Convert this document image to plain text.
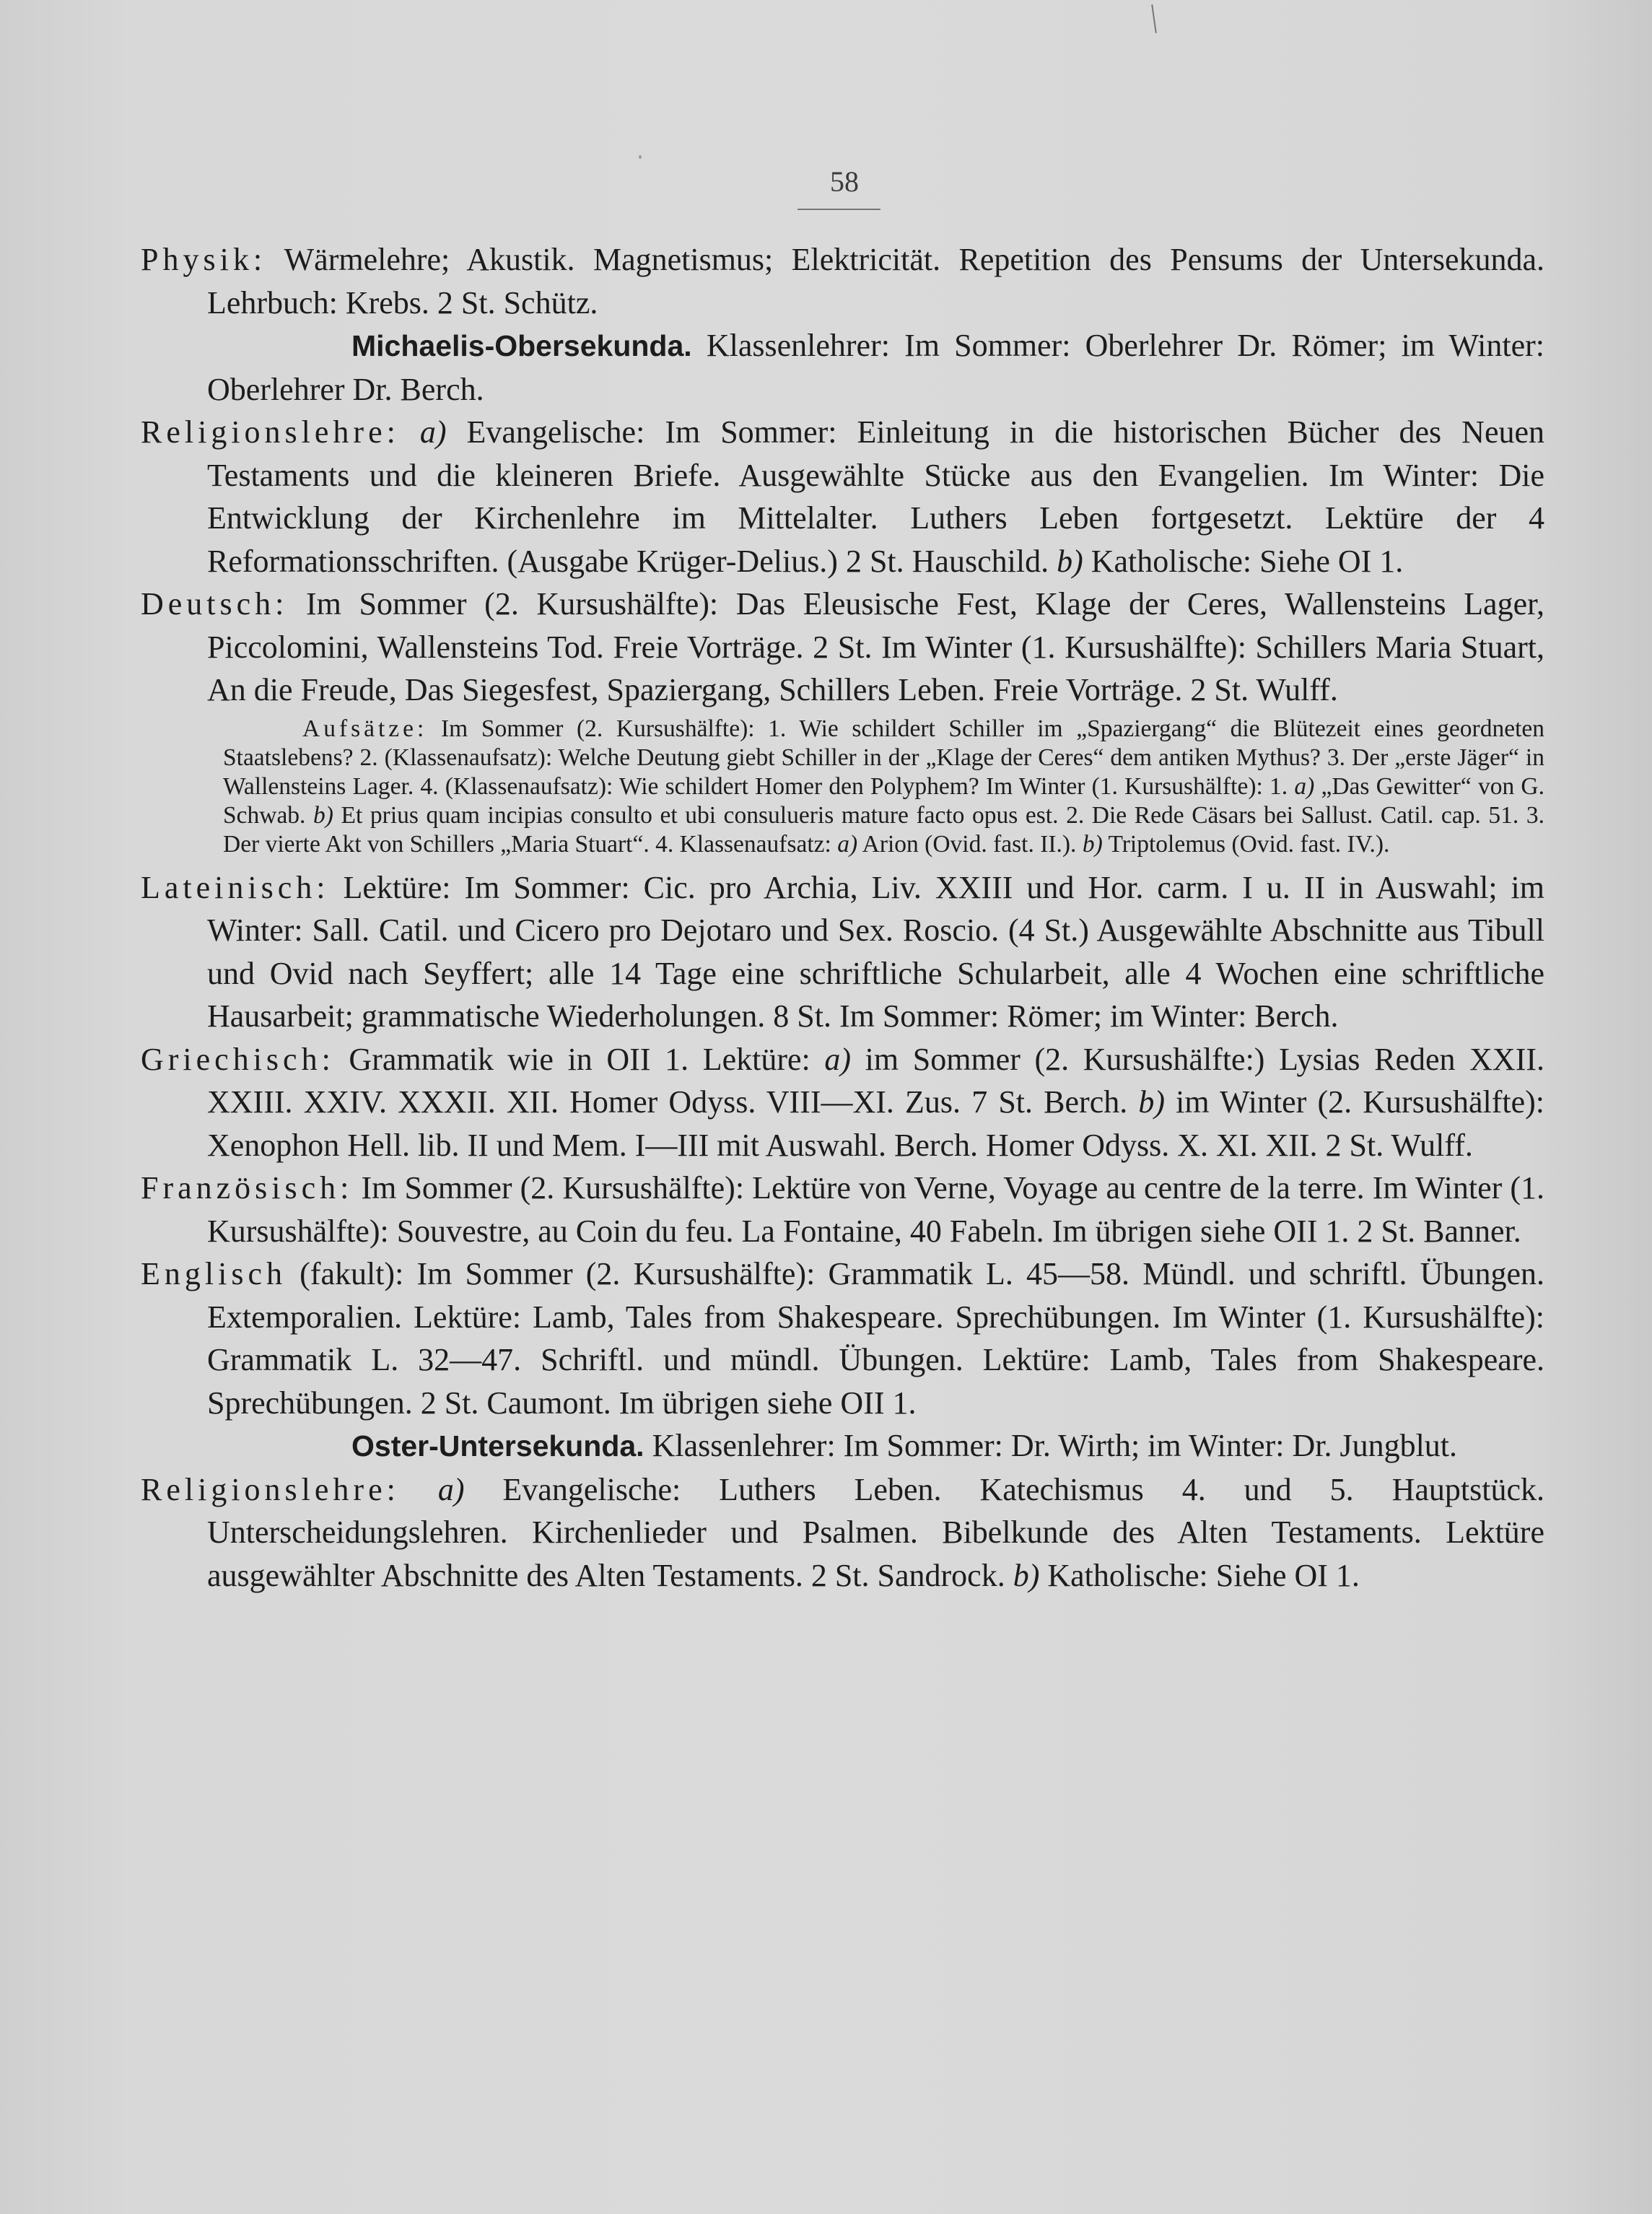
58

Physik: Wärmelehre; Akustik. Magnetismus; Elektricität. Repetition des Pensums der Untersekunda. Lehrbuch: Krebs. 2 St. Schütz.

Michaelis-Obersekunda. Klassenlehrer: Im Sommer: Oberlehrer Dr. Römer; im Winter: Oberlehrer Dr. Berch.

Religionslehre: a) Evangelische: Im Sommer: Einleitung in die historischen Bücher des Neuen Testaments und die kleineren Briefe. Ausgewählte Stücke aus den Evangelien. Im Winter: Die Entwicklung der Kirchenlehre im Mittelalter. Luthers Leben fortgesetzt. Lektüre der 4 Reformationsschriften. (Ausgabe Krüger-Delius.) 2 St. Hauschild. b) Katholische: Siehe OI 1.

Deutsch: Im Sommer (2. Kursushälfte): Das Eleusische Fest, Klage der Ceres, Wallensteins Lager, Piccolomini, Wallensteins Tod. Freie Vorträge. 2 St. Im Winter (1. Kursushälfte): Schillers Maria Stuart, An die Freude, Das Siegesfest, Spaziergang, Schillers Leben. Freie Vorträge. 2 St. Wulff.

Aufsätze: Im Sommer (2. Kursushälfte): 1. Wie schildert Schiller im „Spaziergang“ die Blütezeit eines geordneten Staatslebens? 2. (Klassenaufsatz): Welche Deutung giebt Schiller in der „Klage der Ceres“ dem antiken Mythus? 3. Der „erste Jäger“ in Wallensteins Lager. 4. (Klassenaufsatz): Wie schildert Homer den Polyphem? Im Winter (1. Kursushälfte): 1. a) „Das Gewitter“ von G. Schwab. b) Et prius quam incipias consulto et ubi consulueris mature facto opus est. 2. Die Rede Cäsars bei Sallust. Catil. cap. 51. 3. Der vierte Akt von Schillers „Maria Stuart“. 4. Klassenaufsatz: a) Arion (Ovid. fast. II.). b) Triptolemus (Ovid. fast. IV.).

Lateinisch: Lektüre: Im Sommer: Cic. pro Archia, Liv. XXIII und Hor. carm. I u. II in Auswahl; im Winter: Sall. Catil. und Cicero pro Dejotaro und Sex. Roscio. (4 St.) Ausgewählte Abschnitte aus Tibull und Ovid nach Seyffert; alle 14 Tage eine schriftliche Schularbeit, alle 4 Wochen eine schriftliche Hausarbeit; grammatische Wiederholungen. 8 St. Im Sommer: Römer; im Winter: Berch.

Griechisch: Grammatik wie in OII 1. Lektüre: a) im Sommer (2. Kursushälfte:) Lysias Reden XXII. XXIII. XXIV. XXXII. XII. Homer Odyss. VIII—XI. Zus. 7 St. Berch. b) im Winter (2. Kursushälfte): Xenophon Hell. lib. II und Mem. I—III mit Auswahl. Berch. Homer Odyss. X. XI. XII. 2 St. Wulff.

Französisch: Im Sommer (2. Kursushälfte): Lektüre von Verne, Voyage au centre de la terre. Im Winter (1. Kursushälfte): Souvestre, au Coin du feu. La Fontaine, 40 Fabeln. Im übrigen siehe OII 1. 2 St. Banner.

Englisch (fakult): Im Sommer (2. Kursushälfte): Grammatik L. 45—58. Mündl. und schriftl. Übungen. Extemporalien. Lektüre: Lamb, Tales from Shakespeare. Sprechübungen. Im Winter (1. Kursushälfte): Grammatik L. 32—47. Schriftl. und mündl. Übungen. Lektüre: Lamb, Tales from Shakespeare. Sprechübungen. 2 St. Caumont. Im übrigen siehe OII 1.

Oster-Untersekunda. Klassenlehrer: Im Sommer: Dr. Wirth; im Winter: Dr. Jungblut.

Religionslehre: a) Evangelische: Luthers Leben. Katechismus 4. und 5. Hauptstück. Unterscheidungslehren. Kirchenlieder und Psalmen. Bibelkunde des Alten Testaments. Lektüre ausgewählter Abschnitte des Alten Testaments. 2 St. Sandrock. b) Katholische: Siehe OI 1.
